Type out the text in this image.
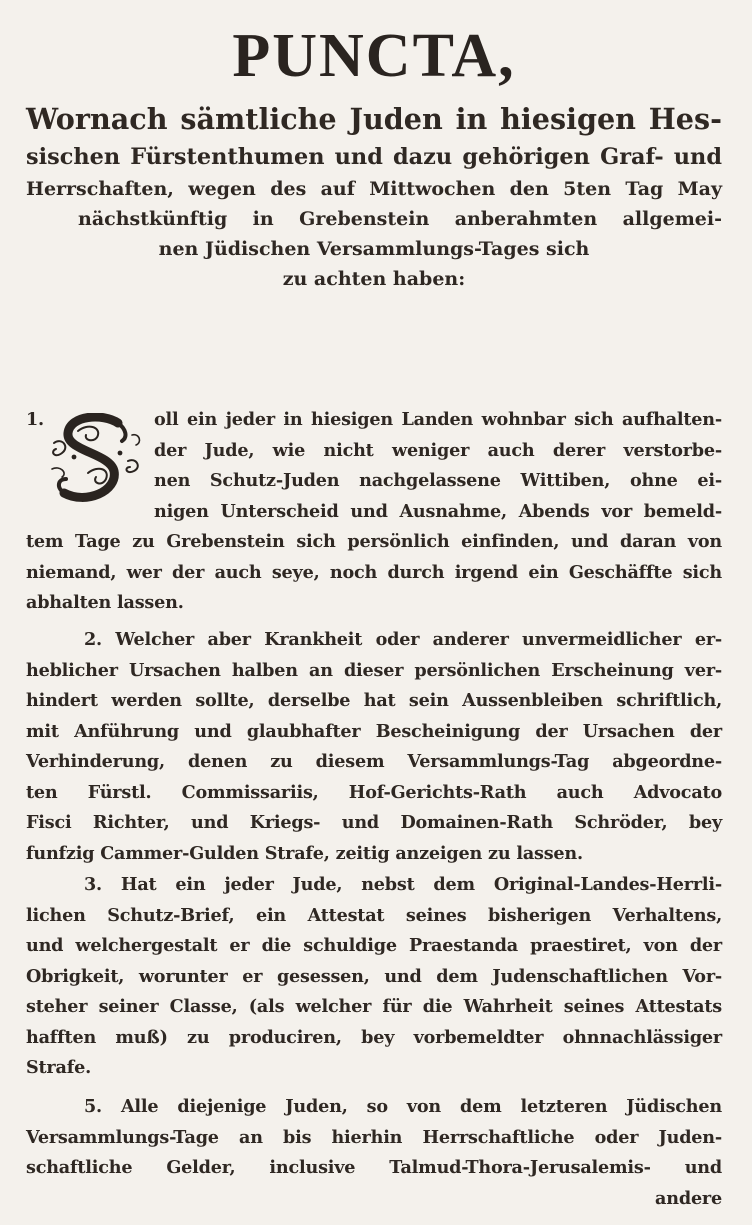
PUNCTA,
Wornach sämtliche Juden in hiesigen Hes-
sischen Fürstenthumen und dazu gehörigen Graf- und
Herrschaften, wegen des auf Mittwochen den 5ten Tag May
nächstkünftig in Grebenstein anberahmten allgemei-
nen Jüdischen Versammlungs-Tages sich
zu achten haben:
1.	oll ein jeder in hiesigen Landen wohnbar sich aufhalten-
der Jude, wie nicht weniger auch derer verstorbe-
nen Schutz-Juden nachgelassene Wittiben, ohne ei-
nigen Unterscheid und Ausnahme, Abends vor bemeld-
tem Tage zu Grebenstein sich persönlich einfinden, und daran von
niemand, wer der auch seye, noch durch irgend ein Geschäffte sich
abhalten lassen.
2. Welcher aber Krankheit oder anderer unvermeidlicher er-
heblicher Ursachen halben an dieser persönlichen Erscheinung ver-
hindert werden sollte, derselbe hat sein Aussenbleiben schriftlich,
mit Anführung und glaubhafter Bescheinigung der Ursachen der
Verhinderung, denen zu diesem Versammlungs-Tag abgeordne-
ten Fürstl. Commissariis, Hof-Gerichts-Rath auch Advocato
Fisci Richter, und Kriegs- und Domainen-Rath Schröder, bey
funfzig Cammer-Gulden Strafe, zeitig anzeigen zu lassen.
3. Hat ein jeder Jude, nebst dem Original-Landes-Herrli-
lichen Schutz-Brief, ein Attestat seines bisherigen Verhaltens,
und welchergestalt er die schuldige Praestanda praestiret, von der
Obrigkeit, worunter er gesessen, und dem Judenschaftlichen Vor-
steher seiner Classe, (als welcher für die Wahrheit seines Attestats
hafften muß) zu produciren, bey vorbemeldter ohnnachlässiger
Strafe.
5. Alle diejenige Juden, so von dem letzteren Jüdischen
Versammlungs-Tage an bis hierhin Herrschaftliche oder Juden-
schaftliche Gelder, inclusive Talmud-Thora-Jerusalemis- und
andere
